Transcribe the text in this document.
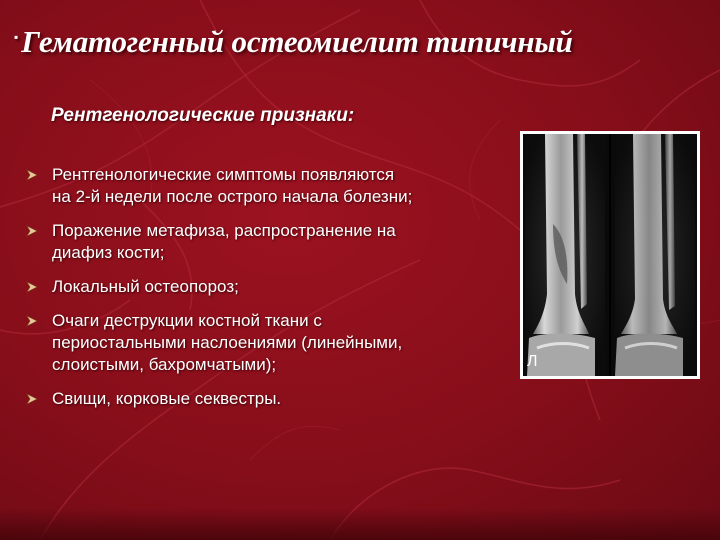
▪ Гематогенный остеомиелит типичный
Рентгенологические признаки:
Рентгенологические симптомы появляются
на 2-й недели после острого начала болезни;
Поражение метафиза, распространение на
диафиз кости;
Локальный остеопороз;
Очаги деструкции костной ткани с
периостальными наслоениями (линейными,
слоистыми, бахромчатыми);
Свищи, корковые секвестры.
Л
